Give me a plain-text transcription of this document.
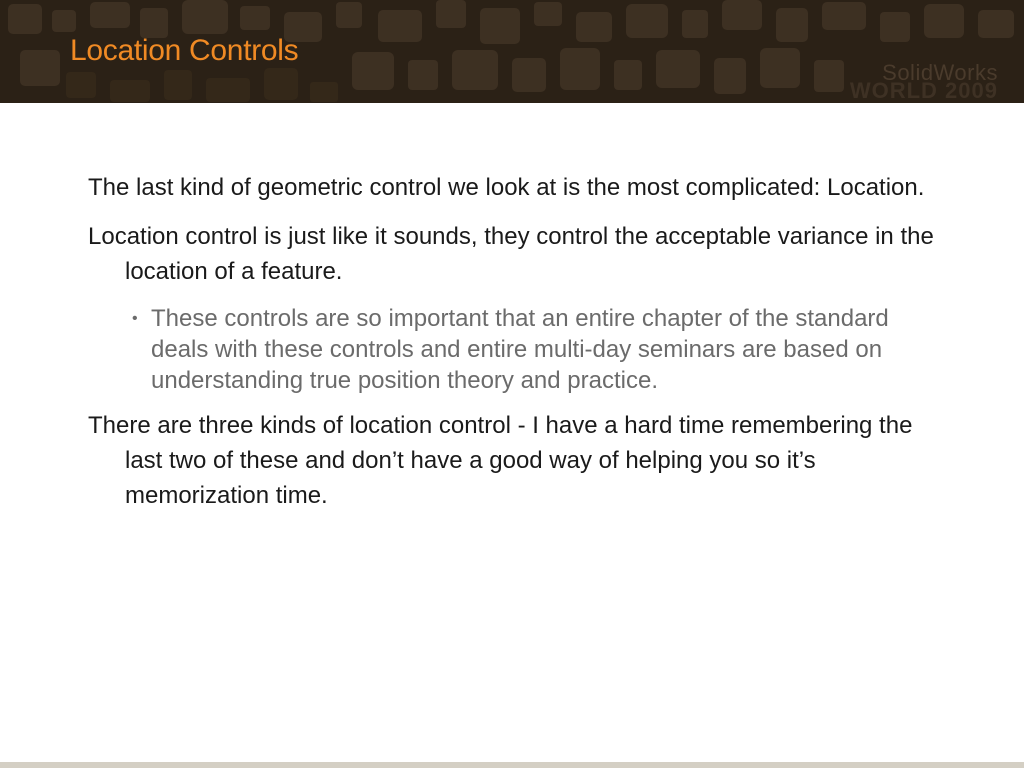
Location Controls
SolidWorks
WORLD 2009

The last kind of geometric control we look at is the most complicated: Location.

Location control is just like it sounds, they control the acceptable variance in the location of a feature.

• These controls are so important that an entire chapter of the standard deals with these controls and entire multi-day seminars are based on understanding true position theory and practice.

There are three kinds of location control - I have a hard time remembering the last two of these and don’t have a good way of helping you so it’s memorization time.
